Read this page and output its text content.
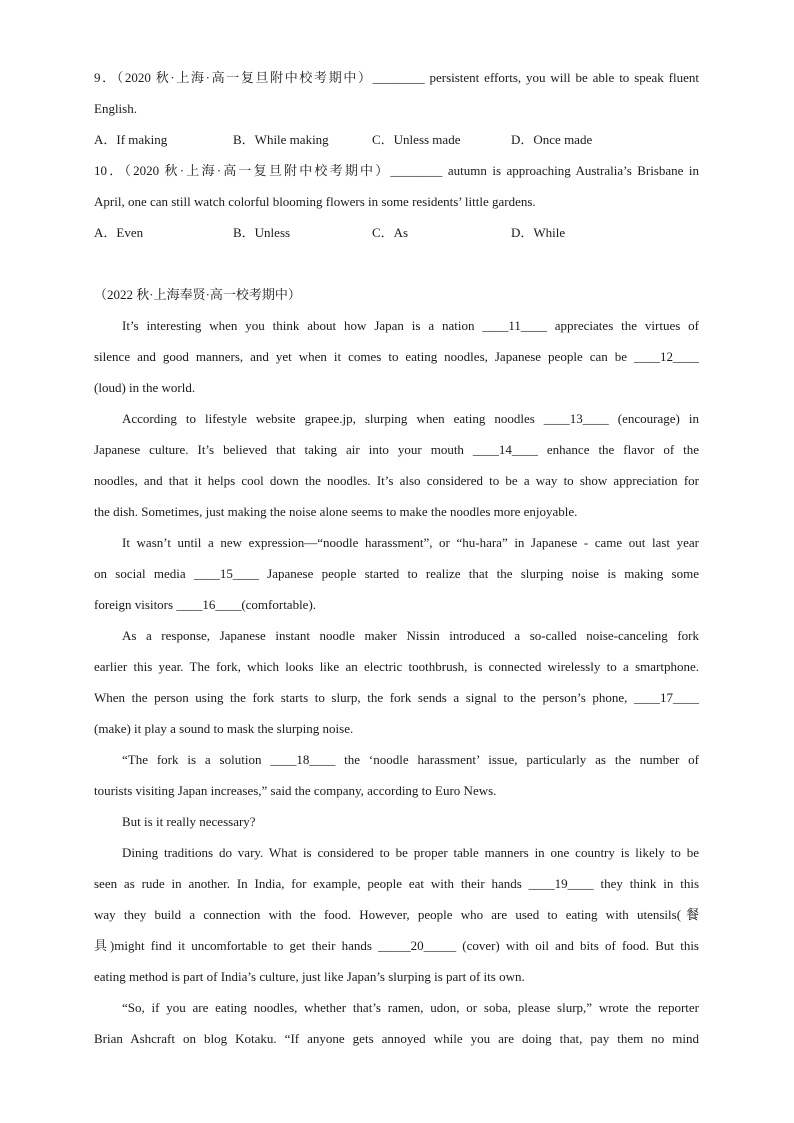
9．（2020 秋·上海·高一复旦附中校考期中）________ persistent efforts, you will be able to speak fluent
English.
A．If making	B．While making	C．Unless made	D．Once made
10．（2020 秋·上海·高一复旦附中校考期中）________ autumn is approaching Australia’s Brisbane in
April, one can still watch colorful blooming flowers in some residents’ little gardens.
A．Even	B．Unless	C．As	D．While
（2022 秋·上海奉贤·高一校考期中）
It’s interesting when you think about how Japan is a nation ____11____ appreciates the virtues of
silence and good manners, and yet when it comes to eating noodles, Japanese people can be ____12____
(loud) in the world.
According to lifestyle website grapee.jp, slurping when eating noodles ____13____ (encourage) in
Japanese culture. It’s believed that taking air into your mouth ____14____ enhance the flavor of the
noodles, and that it helps cool down the noodles. It’s also considered to be a way to show appreciation for
the dish. Sometimes, just making the noise alone seems to make the noodles more enjoyable.
It wasn’t until a new expression—“noodle harassment”, or “hu-hara” in Japanese - came out last year
on social media ____15____ Japanese people started to realize that the slurping noise is making some
foreign visitors ____16____(comfortable).
As a response, Japanese instant noodle maker Nissin introduced a so-called noise-canceling fork
earlier this year. The fork, which looks like an electric toothbrush, is connected wirelessly to a smartphone.
When the person using the fork starts to slurp, the fork sends a signal to the person’s phone, ____17____
(make) it play a sound to mask the slurping noise.
“The fork is a solution ____18____ the ‘noodle harassment’ issue, particularly as the number of
tourists visiting Japan increases,” said the company, according to Euro News.
But is it really necessary?
Dining traditions do vary. What is considered to be proper table manners in one country is likely to be
seen as rude in another. In India, for example, people eat with their hands ____19____ they think in this
way they build a connection with the food. However, people who are used to eating with utensils(餐
具)might find it uncomfortable to get their hands _____20_____ (cover) with oil and bits of food. But this
eating method is part of India’s culture, just like Japan’s slurping is part of its own.
“So, if you are eating noodles, whether that’s ramen, udon, or soba, please slurp,” wrote the reporter
Brian Ashcraft on blog Kotaku. “If anyone gets annoyed while you are doing that, pay them no mind
